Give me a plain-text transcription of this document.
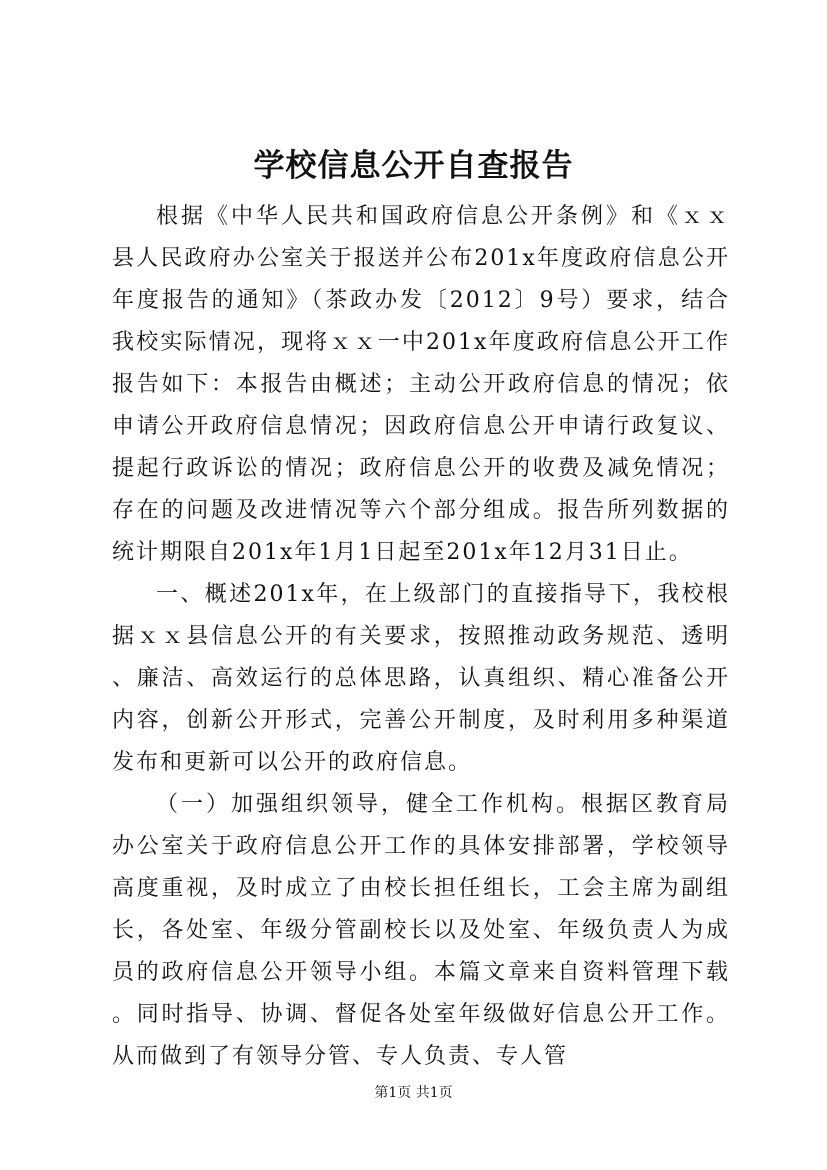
学校信息公开自查报告

根据《中华人民共和国政府信息公开条例》和《ｘｘ县人民政府办公室关于报送并公布201x年度政府信息公开年度报告的通知》（茶政办发〔2012〕9号）要求，结合我校实际情况，现将ｘｘ一中201x年度政府信息公开工作报告如下：本报告由概述；主动公开政府信息的情况；依申请公开政府信息情况；因政府信息公开申请行政复议、提起行政诉讼的情况；政府信息公开的收费及减免情况；存在的问题及改进情况等六个部分组成。报告所列数据的统计期限自201x年1月1日起至201x年12月31日止。

一、概述201x年，在上级部门的直接指导下，我校根据ｘｘ县信息公开的有关要求，按照推动政务规范、透明、廉洁、高效运行的总体思路，认真组织、精心准备公开内容，创新公开形式，完善公开制度，及时利用多种渠道发布和更新可以公开的政府信息。

（一）加强组织领导，健全工作机构。根据区教育局办公室关于政府信息公开工作的具体安排部署，学校领导高度重视，及时成立了由校长担任组长，工会主席为副组长，各处室、年级分管副校长以及处室、年级负责人为成员的政府信息公开领导小组。本篇文章来自资料管理下载。同时指导、协调、督促各处室年级做好信息公开工作。从而做到了有领导分管、专人负责、专人管

第1页 共1页
